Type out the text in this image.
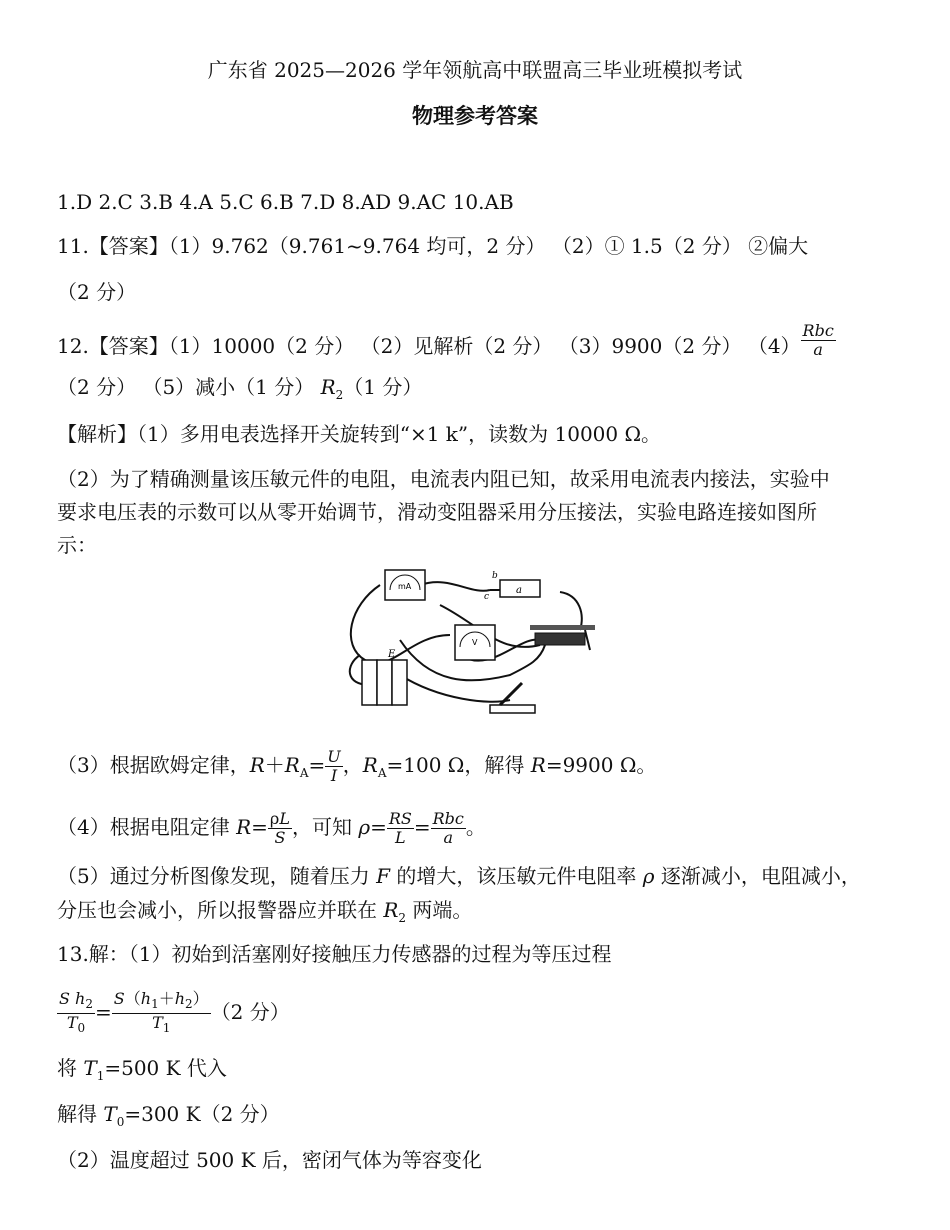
广东省 2025—2026 学年领航高中联盟高三毕业班模拟考试
物理参考答案
1.D 2.C 3.B 4.A 5.C 6.B 7.D 8.AD 9.AC 10.AB
11.【答案】（1）9.762（9.761~9.764 均可，2 分） （2）① 1.5（2 分） ②偏大
（2 分）
12.【答案】（1）10000（2 分） （2）见解析（2 分） （3）9900（2 分） $(4) \frac{\text{Rbc}}{a}$
（2 分） （5）减小（1 分） $R_2(1$ 分）
【解析】（1）多用电表选择开关旋转到“×1 k”，读数为 10000 Ω。
（2）为了精确测量该压敏元件的电阻，电流表内阻已知，故采用电流表内接法，实验中
要求电压表的示数可以从零开始调节，滑动变阻器采用分压接法，实验电路连接如图所
示：
mA
V
a
b
c
E
（3）根据欧姆定律，$R+R_A= \frac{U}{I}$ ，$R_A=100$ Ω，解得 R=9900 Ω。
（4）根据电阻定律 $R= \frac{\rho L}{S}$ ，可知 $\rho= \frac{RS}{L} = \frac{\text{Rbc}}{a}$ 。
（5）通过分析图像发现，随着压力 F 的增大，该压敏元件电阻率 ρ 逐渐减小，电阻减小，
分压也会减小，所以报警器应并联在 $R_2$ 两端。
13.解：（1）初始到活塞刚好接触压力传感器的过程为等压过程
$\frac{S h_2}{T_0} = \frac{S(h_1+h_2)}{T_1} (2$ 分）
将 $T_1=500$ K 代入
解得 $T_0=300$ K（2 分）
（2）温度超过 500 K 后，密闭气体为等容变化
